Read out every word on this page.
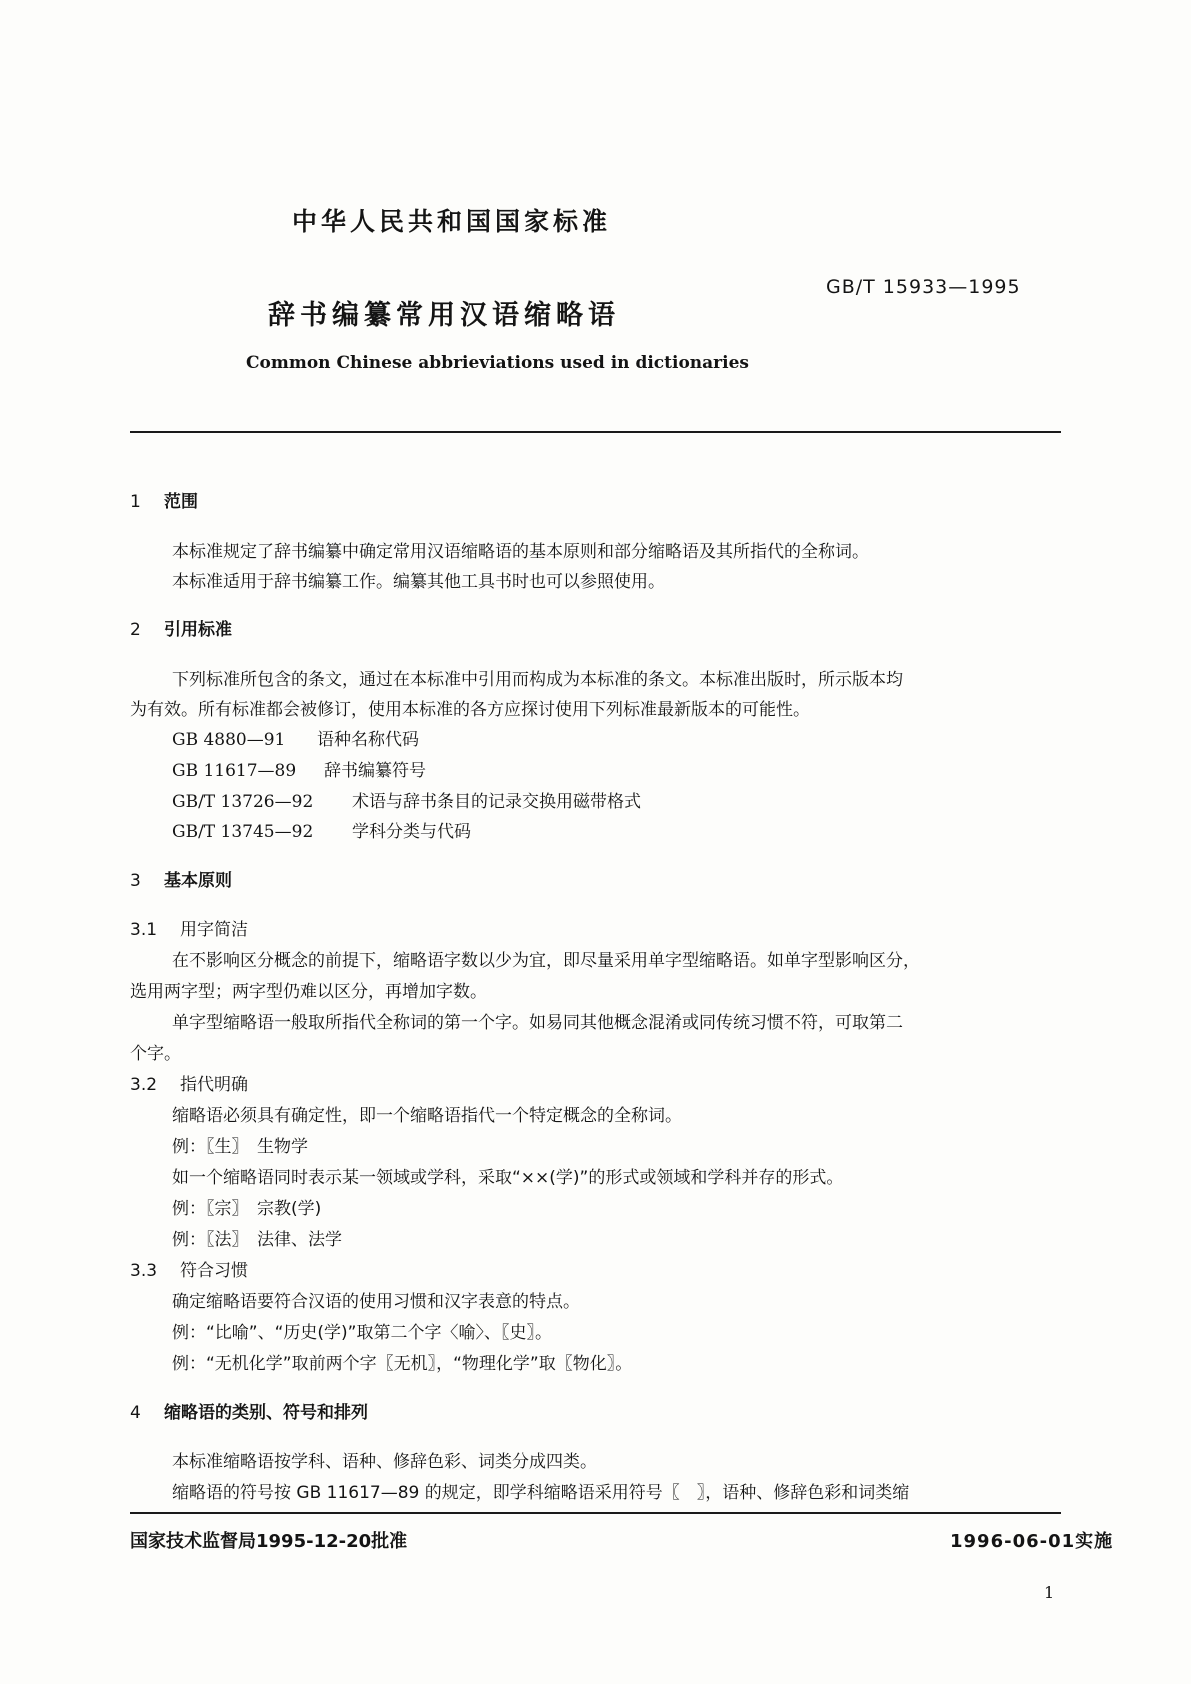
中华人民共和国国家标准
GB/T 15933—1995
辞书编纂常用汉语缩略语
Common Chinese abbrieviations used in dictionaries
1 范围
本标准规定了辞书编纂中确定常用汉语缩略语的基本原则和部分缩略语及其所指代的全称词。
本标准适用于辞书编纂工作。编纂其他工具书时也可以参照使用。
2 引用标准
下列标准所包含的条文，通过在本标准中引用而构成为本标准的条文。本标准出版时，所示版本均
为有效。所有标准都会被修订，使用本标准的各方应探讨使用下列标准最新版本的可能性。
GB 4880—91 语种名称代码
GB 11617—89 辞书编纂符号
GB/T 13726—92 术语与辞书条目的记录交换用磁带格式
GB/T 13745—92 学科分类与代码
3 基本原则
3.1 用字简洁
在不影响区分概念的前提下，缩略语字数以少为宜，即尽量采用单字型缩略语。如单字型影响区分，
选用两字型；两字型仍难以区分，再增加字数。
单字型缩略语一般取所指代全称词的第一个字。如易同其他概念混淆或同传统习惯不符，可取第二
个字。
3.2 指代明确
缩略语必须具有确定性，即一个缩略语指代一个特定概念的全称词。
例：〖生〗　生物学
如一个缩略语同时表示某一领域或学科，采取“××(学)”的形式或领域和学科并存的形式。
例：〖宗〗　宗教(学)
例：〖法〗　法律、法学
3.3 符合习惯
确定缩略语要符合汉语的使用习惯和汉字表意的特点。
例：“比喻”、“历史(学)”取第二个字〈喻〉、〖史〗。
例：“无机化学”取前两个字〖无机〗，“物理化学”取〖物化〗。
4 缩略语的类别、符号和排列
本标准缩略语按学科、语种、修辞色彩、词类分成四类。
缩略语的符号按 GB 11617—89 的规定，即学科缩略语采用符号〖　〗，语种、修辞色彩和词类缩
国家技术监督局1995-12-20批准	1996-06-01实施
1
